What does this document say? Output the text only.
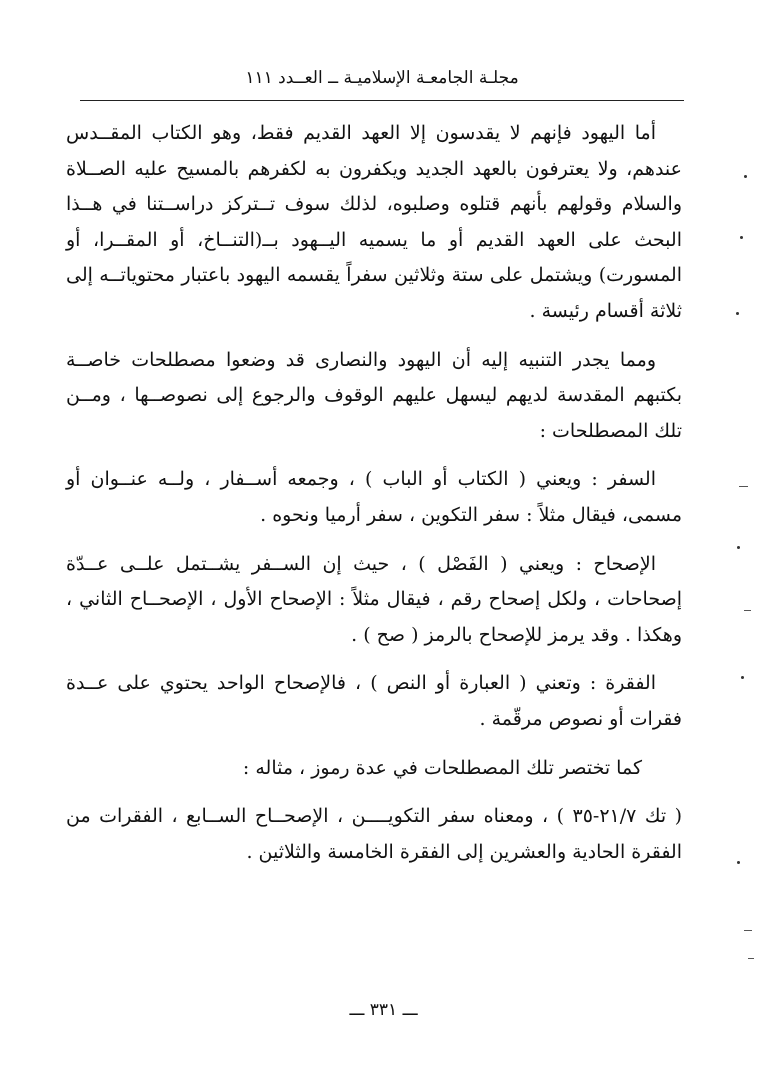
مجلـة الجامعـة الإسلاميـة ــ العــدد ١١١

أما اليهود فإنهم لا يقدسون إلا العهد القديم فقط، وهو الكتاب المقــدس عندهم، ولا يعترفون بالعهد الجديد ويكفرون به لكفرهم بالمسيح عليه الصــلاة والسلام وقولهم بأنهم قتلوه وصلبوه، لذلك سوف تــتركز دراســتنا في هــذا البحث على العهد القديم أو ما يسميه اليــهود بــ(التنــاخ، أو المقــرا، أو المسورت) ويشتمل على ستة وثلاثين سفراً يقسمه اليهود باعتبار محتوياتــه إلى ثلاثة أقسام رئيسة .

ومما يجدر التنبيه إليه أن اليهود والنصارى قد وضعوا مصطلحات خاصــة بكتبهم المقدسة لديهم ليسهل عليهم الوقوف والرجوع إلى نصوصــها ، ومــن تلك المصطلحات :

السفر : ويعني ( الكتاب أو الباب ) ، وجمعه أســفار ، ولــه عنــوان أو مسمى، فيقال مثلاً : سفر التكوين ، سفر أرميا ونحوه .

الإصحاح : ويعني ( الفَصْل ) ، حيث إن الســفر يشــتمل علــى عــدّة إصحاحات ، ولكل إصحاح رقم ، فيقال مثلاً : الإصحاح الأول ، الإصحــاح الثاني ، وهكذا . وقد يرمز للإصحاح بالرمز ( صح ) .

الفقرة : وتعني ( العبارة أو النص ) ، فالإصحاح الواحد يحتوي على عــدة فقرات أو نصوص مرقّمة .

كما تختصر تلك المصطلحات في عدة رموز ، مثاله :

( تك ٢١/٧-٣٥ ) ، ومعناه سفر التكويــــن ، الإصحــاح الســابع ، الفقرات من الفقرة الحادية والعشرين إلى الفقرة الخامسة والثلاثين .

ـــ ٣٣١ ـــ
